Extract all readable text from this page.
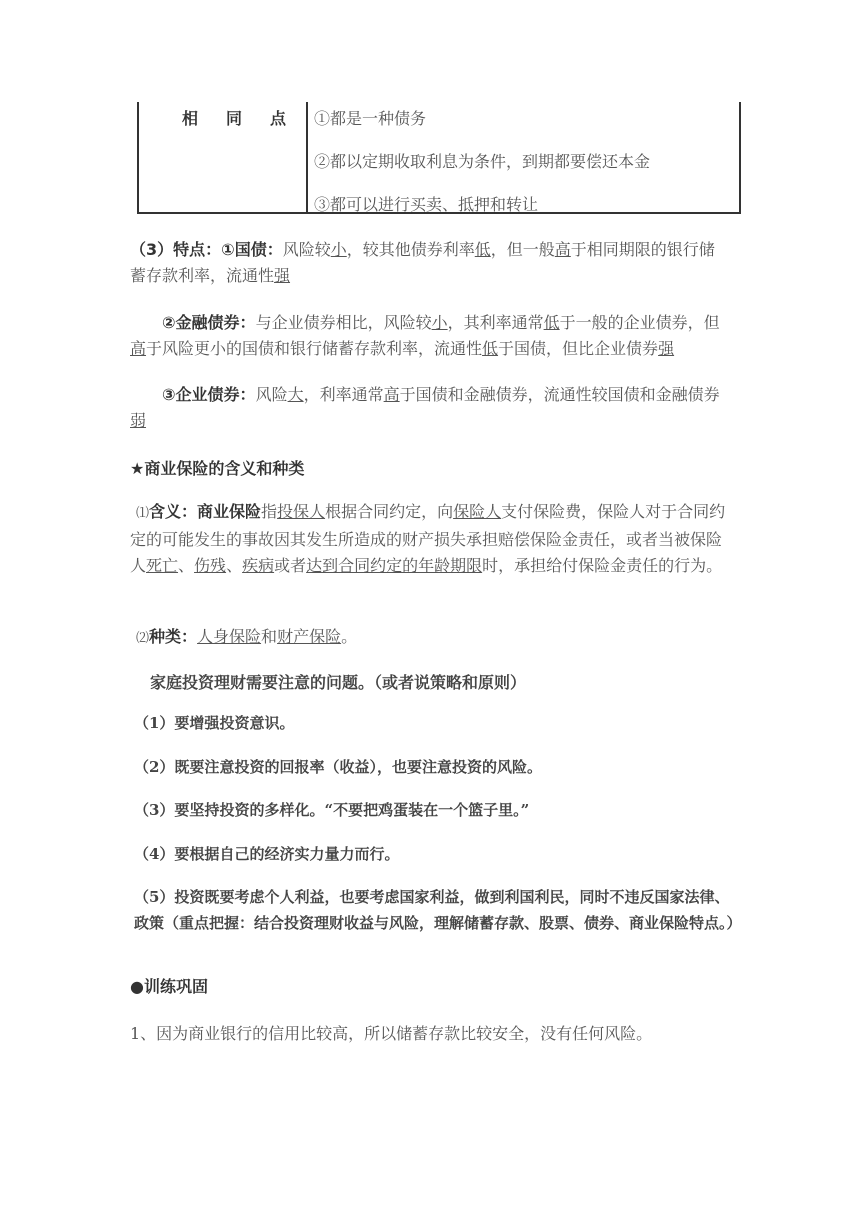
相 同 点 ①都是一种债务
②都以定期收取利息为条件，到期都要偿还本金
③都可以进行买卖、抵押和转让
（3）特点：①国债：风险较小，较其他债券利率低，但一般高于相同期限的银行储蓄存款利率，流通性强
②金融债券：与企业债券相比，风险较小，其利率通常低于一般的企业债券，但高于风险更小的国债和银行储蓄存款利率，流通性低于国债，但比企业债券强
③企业债券：风险大，利率通常高于国债和金融债券，流通性较国债和金融债券弱
★商业保险的含义和种类
⑴含义：商业保险指投保人根据合同约定，向保险人支付保险费，保险人对于合同约定的可能发生的事故因其发生所造成的财产损失承担赔偿保险金责任，或者当被保险人死亡、伤残、疾病或者达到合同约定的年龄期限时，承担给付保险金责任的行为。
⑵种类：人身保险和财产保险。
家庭投资理财需要注意的问题。（或者说策略和原则）
（1）要增强投资意识。
（2）既要注意投资的回报率（收益），也要注意投资的风险。
（3）要坚持投资的多样化。“不要把鸡蛋装在一个篮子里。”
（4）要根据自己的经济实力量力而行。
（5）投资既要考虑个人利益，也要考虑国家利益，做到利国利民，同时不违反国家法律、政策（重点把握：结合投资理财收益与风险，理解储蓄存款、股票、债券、商业保险特点。）
●训练巩固
1、因为商业银行的信用比较高，所以储蓄存款比较安全，没有任何风险。
